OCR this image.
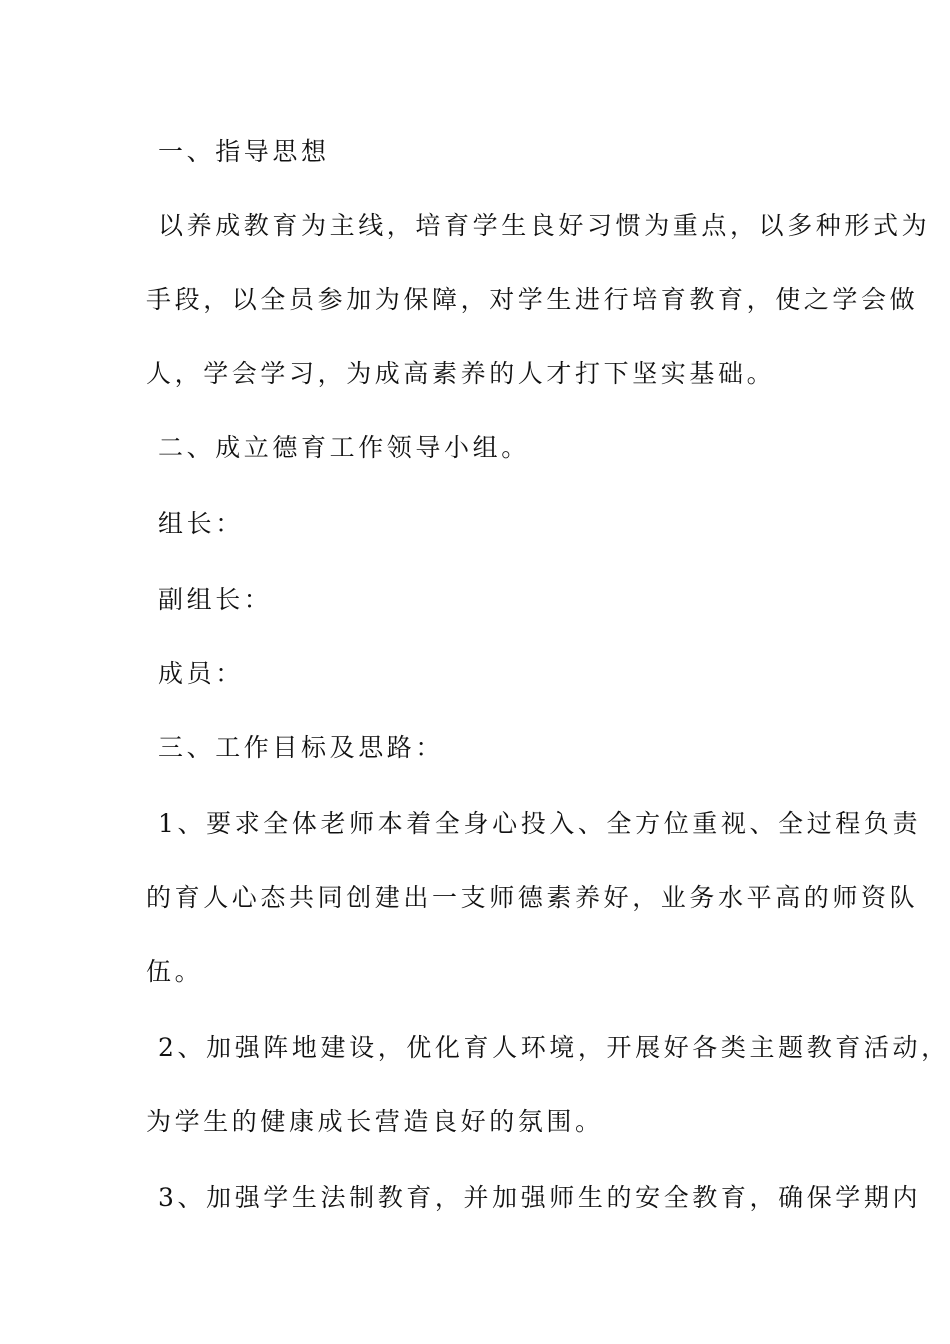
一、指导思想
以养成教育为主线，培育学生良好习惯为重点，以多种形式为
手段，以全员参加为保障，对学生进行培育教育，使之学会做
人，学会学习，为成高素养的人才打下坚实基础。
二、成立德育工作领导小组。
组长：
副组长：
成员：
三、工作目标及思路：
1、要求全体老师本着全身心投入、全方位重视、全过程负责
的育人心态共同创建出一支师德素养好，业务水平高的师资队
伍。
2、加强阵地建设，优化育人环境，开展好各类主题教育活动，
为学生的健康成长营造良好的氛围。
3、加强学生法制教育，并加强师生的安全教育，确保学期内
